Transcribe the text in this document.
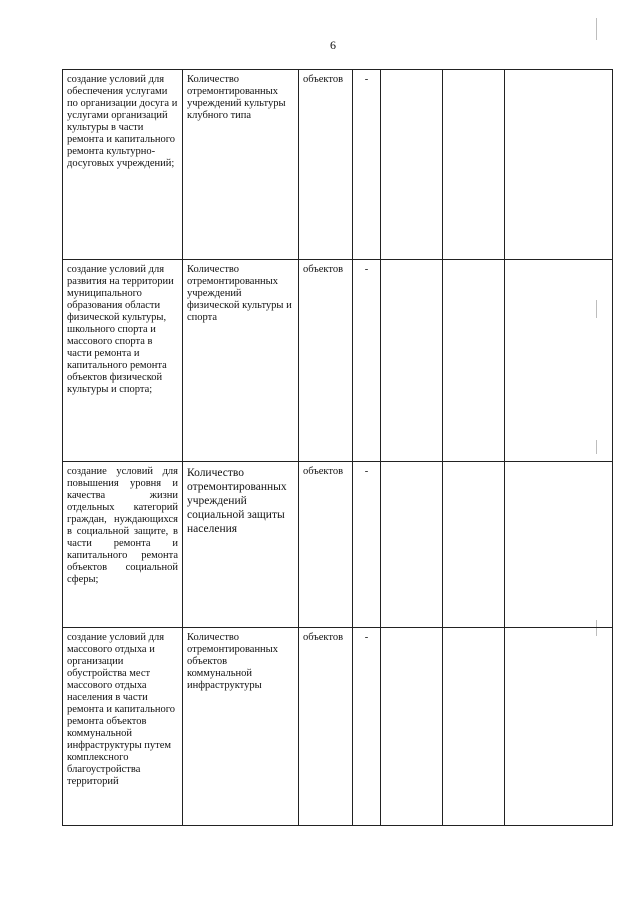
6
создание условий для обеспечения услугами по организации досуга и услугами организаций культуры в части ремонта и капитального ремонта культурно-досуговых учреждений;	Количество отремонтированных учреждений культуры клубного типа	объектов	-			
создание условий для развития на территории муниципального образования области физической культуры, школьного спорта и массового спорта в части ремонта и капитального ремонта объектов физической культуры и спорта;	Количество отремонтированных учреждений физической культуры и спорта	объектов	-			
создание условий для повышения уровня и качества жизни отдельных категорий граждан, нуждающихся в социальной защите, в части ремонта и капитального ремонта объектов социальной сферы;	Количество отремонтированных учреждений социальной защиты населения	объектов	-			
создание условий для массового отдыха и организации обустройства мест массового отдыха населения в части ремонта и капитального ремонта объектов коммунальной инфраструктуры путем комплексного благоустройства территорий	Количество отремонтированных объектов коммунальной инфраструктуры	объектов	-			
